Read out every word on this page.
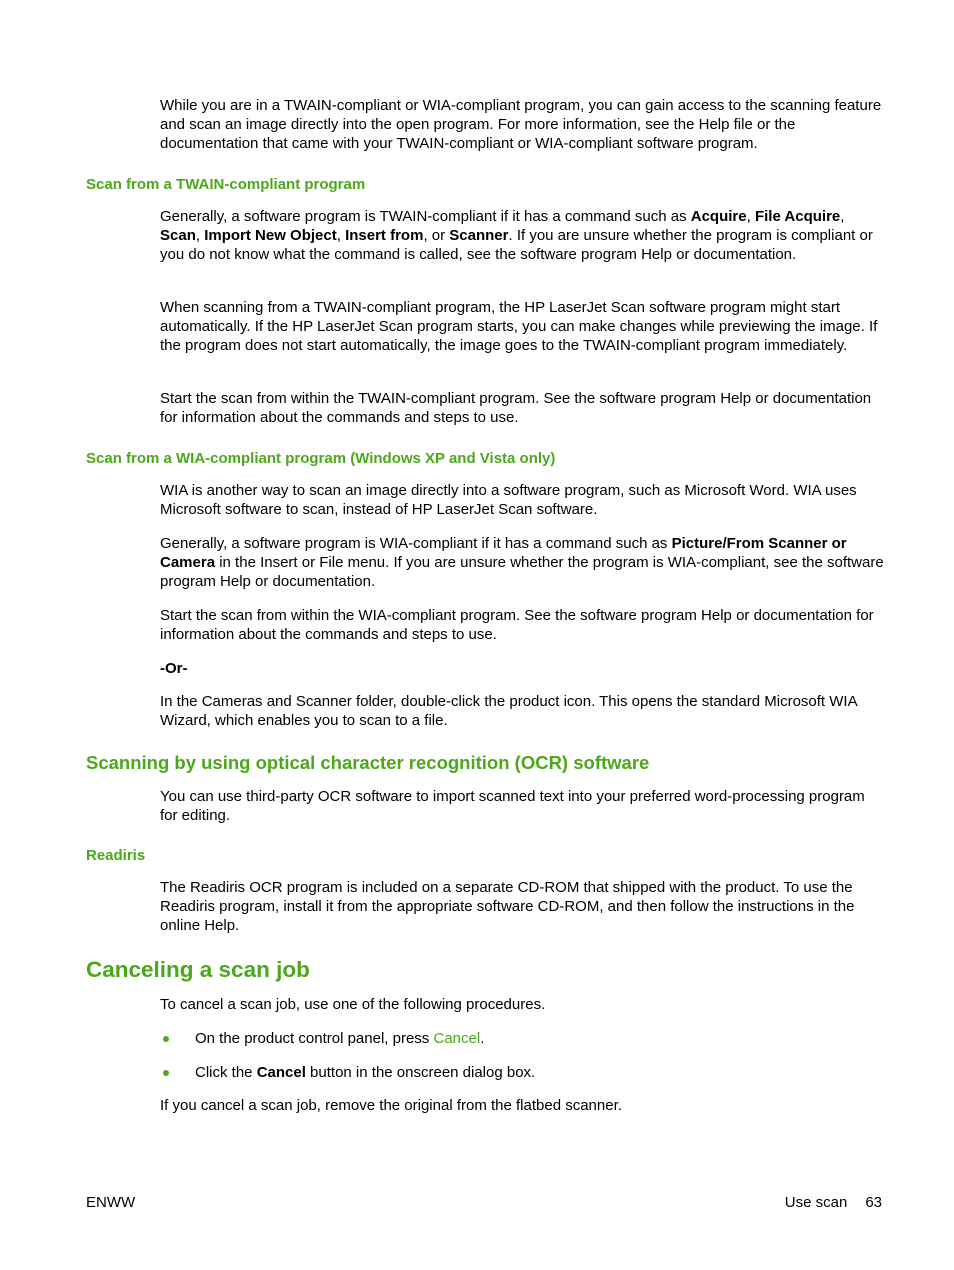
While you are in a TWAIN-compliant or WIA-compliant program, you can gain access to the scanning feature and scan an image directly into the open program. For more information, see the Help file or the documentation that came with your TWAIN-compliant or WIA-compliant software program.

Scan from a TWAIN-compliant program

Generally, a software program is TWAIN-compliant if it has a command such as Acquire, File Acquire, Scan, Import New Object, Insert from, or Scanner. If you are unsure whether the program is compliant or you do not know what the command is called, see the software program Help or documentation.

When scanning from a TWAIN-compliant program, the HP LaserJet Scan software program might start automatically. If the HP LaserJet Scan program starts, you can make changes while previewing the image. If the program does not start automatically, the image goes to the TWAIN-compliant program immediately.

Start the scan from within the TWAIN-compliant program. See the software program Help or documentation for information about the commands and steps to use.

Scan from a WIA-compliant program (Windows XP and Vista only)

WIA is another way to scan an image directly into a software program, such as Microsoft Word. WIA uses Microsoft software to scan, instead of HP LaserJet Scan software.

Generally, a software program is WIA-compliant if it has a command such as Picture/From Scanner or Camera in the Insert or File menu. If you are unsure whether the program is WIA-compliant, see the software program Help or documentation.

Start the scan from within the WIA-compliant program. See the software program Help or documentation for information about the commands and steps to use.

-Or-

In the Cameras and Scanner folder, double-click the product icon. This opens the standard Microsoft WIA Wizard, which enables you to scan to a file.

Scanning by using optical character recognition (OCR) software

You can use third-party OCR software to import scanned text into your preferred word-processing program for editing.

Readiris

The Readiris OCR program is included on a separate CD-ROM that shipped with the product. To use the Readiris program, install it from the appropriate software CD-ROM, and then follow the instructions in the online Help.

Canceling a scan job

To cancel a scan job, use one of the following procedures.

On the product control panel, press Cancel.
Click the Cancel button in the onscreen dialog box.

If you cancel a scan job, remove the original from the flatbed scanner.

ENWW	Use scan 63
